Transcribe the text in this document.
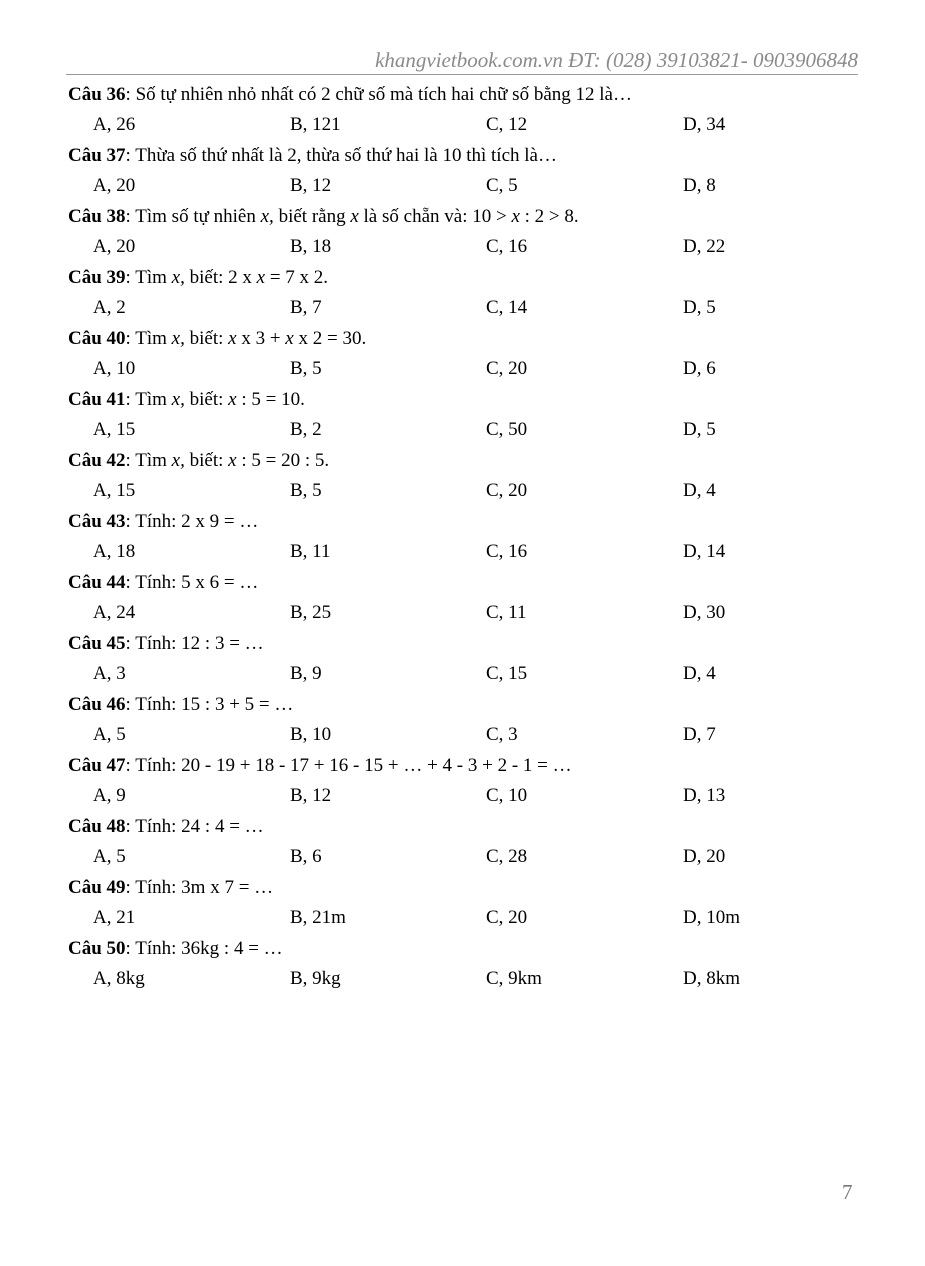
khangvietbook.com.vn ĐT: (028) 39103821- 0903906848
Câu 36: Số tự nhiên nhỏ nhất có 2 chữ số mà tích hai chữ số bằng 12 là…
A, 26	B, 121	C, 12	D, 34
Câu 37: Thừa số thứ nhất là 2, thừa số thứ hai là 10 thì tích là…
A, 20	B, 12	C, 5	D, 8
Câu 38: Tìm số tự nhiên x, biết rằng x là số chẵn và: 10 > x : 2 > 8.
A, 20	B, 18	C, 16	D, 22
Câu 39: Tìm x, biết: 2 x x = 7 x 2.
A, 2	B, 7	C, 14	D, 5
Câu 40: Tìm x, biết: x x 3 + x x 2 = 30.
A, 10	B, 5	C, 20	D, 6
Câu 41: Tìm x, biết: x : 5 = 10.
A, 15	B, 2	C, 50	D, 5
Câu 42: Tìm x, biết: x : 5 = 20 : 5.
A, 15	B, 5	C, 20	D, 4
Câu 43: Tính: 2 x 9 = …
A, 18	B, 11	C, 16	D, 14
Câu 44: Tính: 5 x 6 = …
A, 24	B, 25	C, 11	D, 30
Câu 45: Tính: 12 : 3 = …
A, 3	B, 9	C, 15	D, 4
Câu 46: Tính: 15 : 3 + 5 = …
A, 5	B, 10	C, 3	D, 7
Câu 47: Tính: 20 - 19 + 18 - 17 + 16 - 15 + … + 4 - 3 + 2 - 1 = …
A, 9	B, 12	C, 10	D, 13
Câu 48: Tính: 24 : 4 = …
A, 5	B, 6	C, 28	D, 20
Câu 49: Tính: 3m x 7 = …
A, 21	B, 21m	C, 20	D, 10m
Câu 50: Tính: 36kg : 4 = …
A, 8kg	B, 9kg	C, 9km	D, 8km
7
